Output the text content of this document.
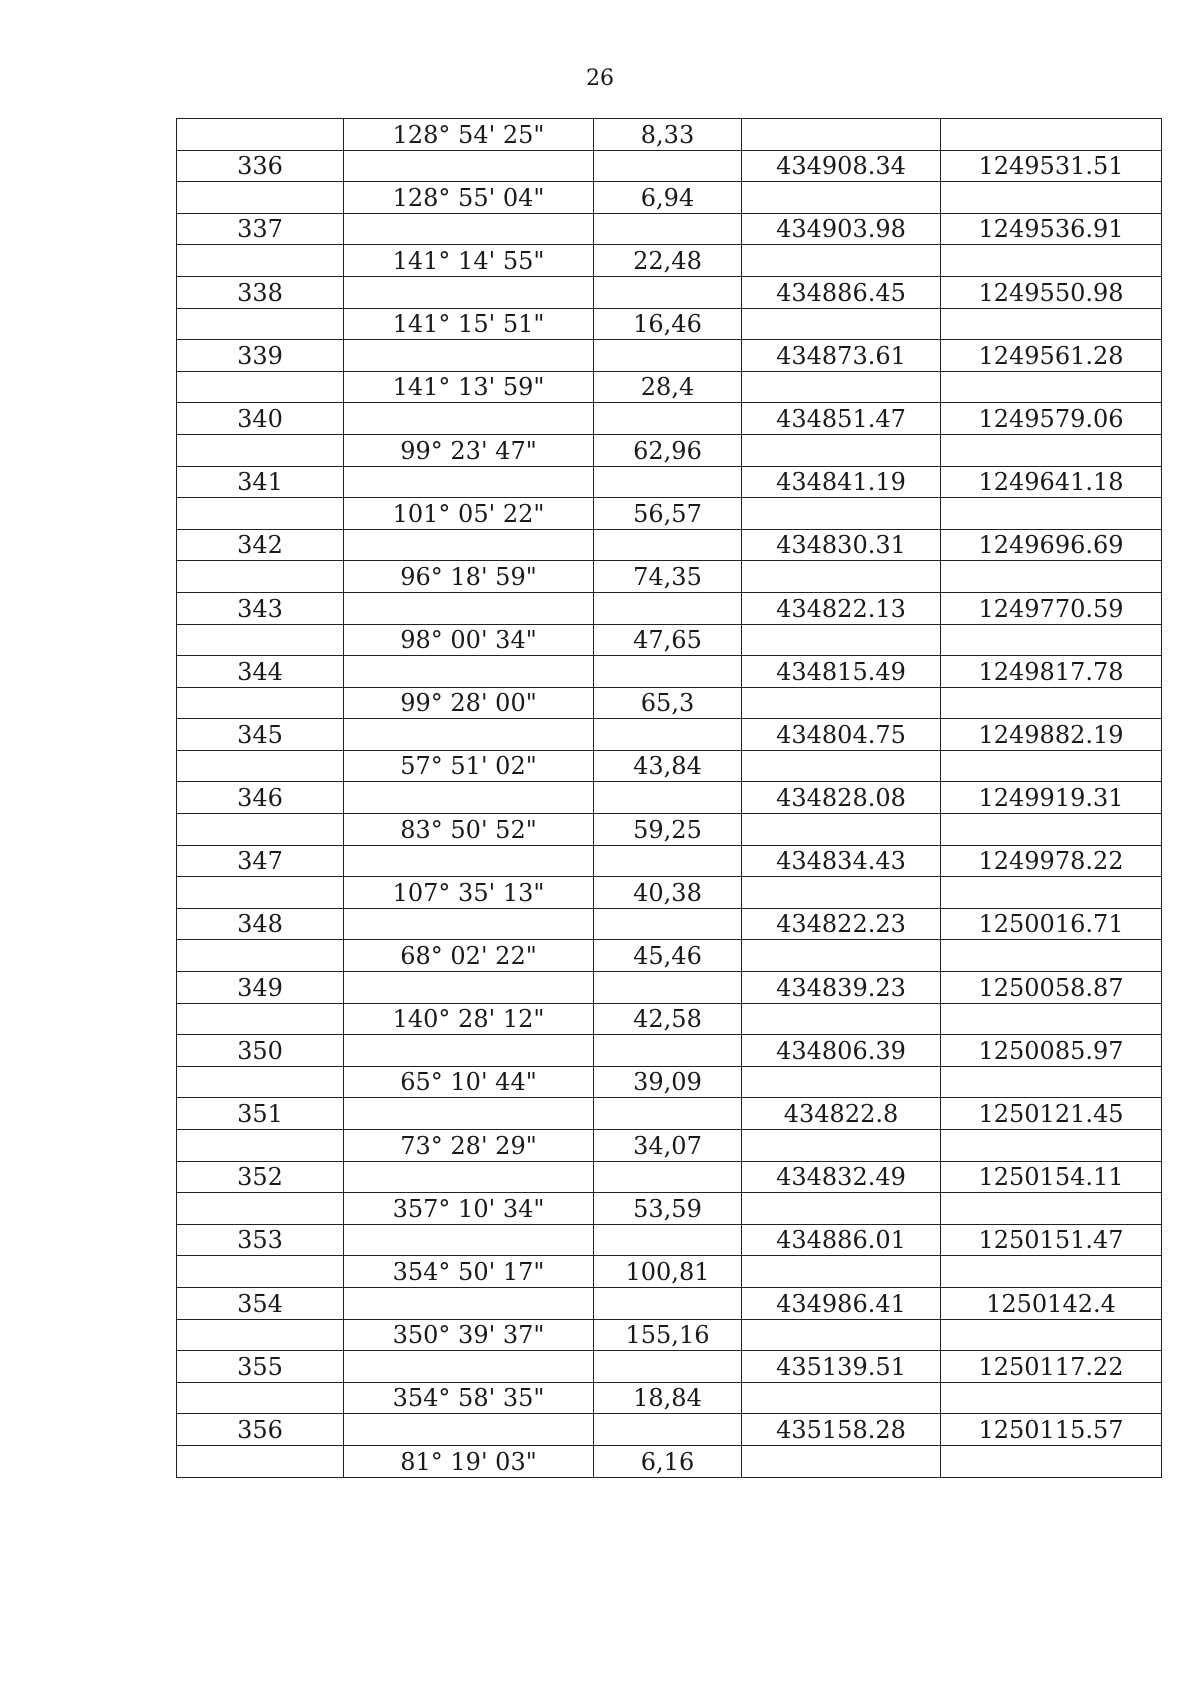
26
	128° 54' 25"	8,33		
336			434908.34	1249531.51
	128° 55' 04"	6,94		
337			434903.98	1249536.91
	141° 14' 55"	22,48		
338			434886.45	1249550.98
	141° 15' 51"	16,46		
339			434873.61	1249561.28
	141° 13' 59"	28,4		
340			434851.47	1249579.06
	99° 23' 47"	62,96		
341			434841.19	1249641.18
	101° 05' 22"	56,57		
342			434830.31	1249696.69
	96° 18' 59"	74,35		
343			434822.13	1249770.59
	98° 00' 34"	47,65		
344			434815.49	1249817.78
	99° 28' 00"	65,3		
345			434804.75	1249882.19
	57° 51' 02"	43,84		
346			434828.08	1249919.31
	83° 50' 52"	59,25		
347			434834.43	1249978.22
	107° 35' 13"	40,38		
348			434822.23	1250016.71
	68° 02' 22"	45,46		
349			434839.23	1250058.87
	140° 28' 12"	42,58		
350			434806.39	1250085.97
	65° 10' 44"	39,09		
351			434822.8	1250121.45
	73° 28' 29"	34,07		
352			434832.49	1250154.11
	357° 10' 34"	53,59		
353			434886.01	1250151.47
	354° 50' 17"	100,81		
354			434986.41	1250142.4
	350° 39' 37"	155,16		
355			435139.51	1250117.22
	354° 58' 35"	18,84		
356			435158.28	1250115.57
	81° 19' 03"	6,16		
